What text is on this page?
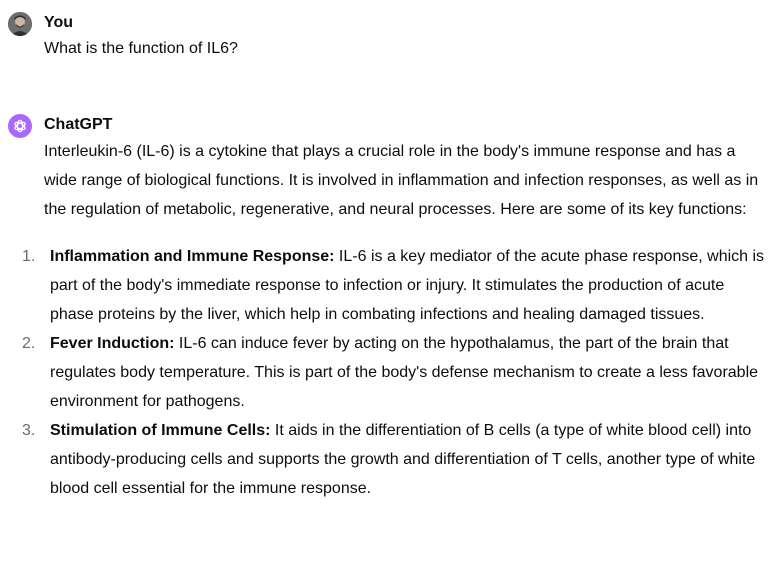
You
What is the function of IL6?
ChatGPT

Interleukin-6 (IL-6) is a cytokine that plays a crucial role in the body's immune response and has a wide range of biological functions. It is involved in inflammation and infection responses, as well as in the regulation of metabolic, regenerative, and neural processes. Here are some of its key functions:

1. Inflammation and Immune Response: IL-6 is a key mediator of the acute phase response, which is part of the body's immediate response to infection or injury. It stimulates the production of acute phase proteins by the liver, which help in combating infections and healing damaged tissues.
2. Fever Induction: IL-6 can induce fever by acting on the hypothalamus, the part of the brain that regulates body temperature. This is part of the body's defense mechanism to create a less favorable environment for pathogens.
3. Stimulation of Immune Cells: It aids in the differentiation of B cells (a type of white blood cell) into antibody-producing cells and supports the growth and differentiation of T cells, another type of white blood cell essential for the immune response.
